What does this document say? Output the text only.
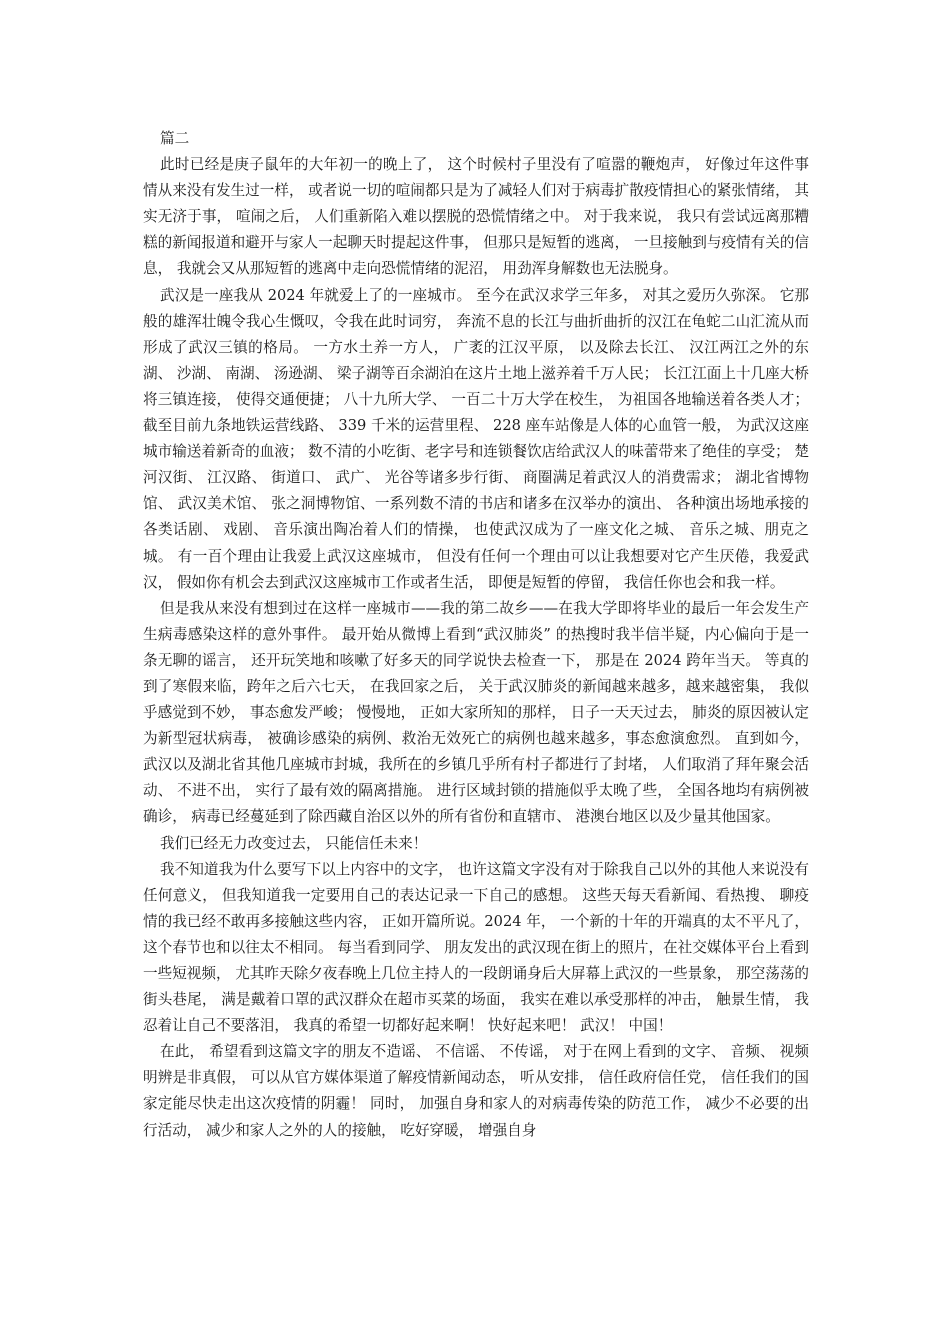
篇二

此时已经是庚子鼠年的大年初一的晚上了， 这个时候村子里没有了喧嚣的鞭炮声， 好像过年这件事情从来没有发生过一样， 或者说一切的喧闹都只是为了减轻人们对于病毒扩散疫情担心的紧张情绪， 其实无济于事， 喧闹之后， 人们重新陷入难以摆脱的恐慌情绪之中。 对于我来说， 我只有尝试远离那糟糕的新闻报道和避开与家人一起聊天时提起这件事， 但那只是短暂的逃离， 一旦接触到与疫情有关的信息， 我就会又从那短暂的逃离中走向恐慌情绪的泥沼， 用劲浑身解数也无法脱身。

武汉是一座我从 2024 年就爱上了的一座城市。 至今在武汉求学三年多， 对其之爱历久弥深。 它那般的雄浑壮魄令我心生慨叹，令我在此时词穷， 奔流不息的长江与曲折曲折的汉江在龟蛇二山汇流从而形成了武汉三镇的格局。 一方水土养一方人， 广袤的江汉平原， 以及除去长江、 汉江两江之外的东湖、 沙湖、 南湖、 汤逊湖、 梁子湖等百余湖泊在这片土地上滋养着千万人民； 长江江面上十几座大桥将三镇连接， 使得交通便捷； 八十九所大学、 一百二十万大学在校生， 为祖国各地输送着各类人才； 截至目前九条地铁运营线路、 339 千米的运营里程、 228 座车站像是人体的心血管一般， 为武汉这座城市输送着新奇的血液； 数不清的小吃街、老字号和连锁餐饮店给武汉人的味蕾带来了绝佳的享受； 楚河汉街、 江汉路、 街道口、 武广、 光谷等诸多步行街、 商圈满足着武汉人的消费需求； 湖北省博物馆、 武汉美术馆、 张之洞博物馆、一系列数不清的书店和诸多在汉举办的演出、 各种演出场地承接的各类话剧、 戏剧、 音乐演出陶冶着人们的情操， 也使武汉成为了一座文化之城、 音乐之城、朋克之城。 有一百个理由让我爱上武汉这座城市， 但没有任何一个理由可以让我想要对它产生厌倦，我爱武汉， 假如你有机会去到武汉这座城市工作或者生活， 即便是短暂的停留， 我信任你也会和我一样。

但是我从来没有想到过在这样一座城市——我的第二故乡——在我大学即将毕业的最后一年会发生产生病毒感染这样的意外事件。 最开始从微博上看到“武汉肺炎” 的热搜时我半信半疑，内心偏向于是一条无聊的谣言， 还开玩笑地和咳嗽了好多天的同学说快去检查一下， 那是在 2024 跨年当天。 等真的到了寒假来临，跨年之后六七天， 在我回家之后， 关于武汉肺炎的新闻越来越多，越来越密集， 我似乎感觉到不妙， 事态愈发严峻； 慢慢地， 正如大家所知的那样， 日子一天天过去， 肺炎的原因被认定为新型冠状病毒， 被确诊感染的病例、救治无效死亡的病例也越来越多，事态愈演愈烈。 直到如今， 武汉以及湖北省其他几座城市封城，我所在的乡镇几乎所有村子都进行了封堵， 人们取消了拜年聚会活动、 不进不出， 实行了最有效的隔离措施。 进行区域封锁的措施似乎太晚了些， 全国各地均有病例被确诊， 病毒已经蔓延到了除西藏自治区以外的所有省份和直辖市、 港澳台地区以及少量其他国家。

我们已经无力改变过去， 只能信任未来！

我不知道我为什么要写下以上内容中的文字， 也许这篇文字没有对于除我自己以外的其他人来说没有任何意义， 但我知道我一定要用自己的表达记录一下自己的感想。 这些天每天看新闻、看热搜、 聊疫情的我已经不敢再多接触这些内容， 正如开篇所说。2024 年， 一个新的十年的开端真的太不平凡了， 这个春节也和以往太不相同。 每当看到同学、 朋友发出的武汉现在街上的照片，在社交媒体平台上看到一些短视频， 尤其昨天除夕夜春晚上几位主持人的一段朗诵身后大屏幕上武汉的一些景象， 那空荡荡的街头巷尾， 满是戴着口罩的武汉群众在超市买菜的场面， 我实在难以承受那样的冲击， 触景生情， 我忍着让自己不要落泪， 我真的希望一切都好起来啊！ 快好起来吧！ 武汉！ 中国！

在此， 希望看到这篇文字的朋友不造谣、 不信谣、 不传谣， 对于在网上看到的文字、 音频、 视频明辨是非真假， 可以从官方媒体渠道了解疫情新闻动态， 听从安排， 信任政府信任党， 信任我们的国家定能尽快走出这次疫情的阴霾！ 同时， 加强自身和家人的对病毒传染的防范工作， 减少不必要的出行活动， 减少和家人之外的人的接触， 吃好穿暖， 增强自身
